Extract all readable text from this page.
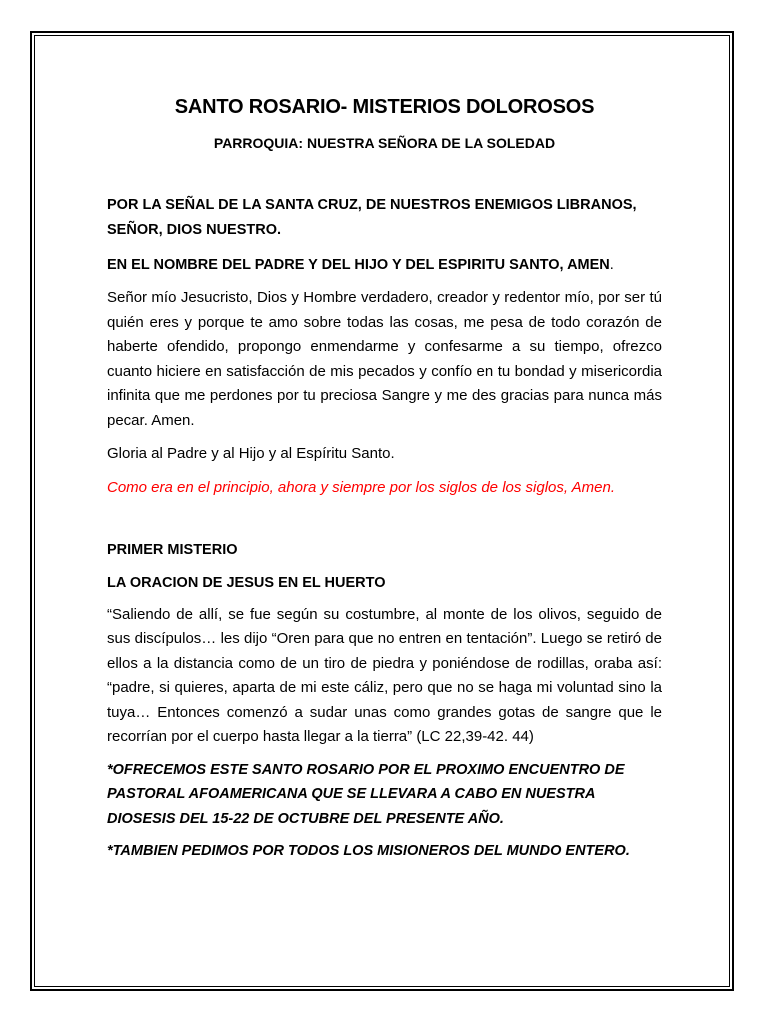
SANTO ROSARIO- MISTERIOS DOLOROSOS

PARROQUIA: NUESTRA SEÑORA DE LA SOLEDAD

POR LA SEÑAL DE LA SANTA CRUZ, DE NUESTROS ENEMIGOS LIBRANOS, SEÑOR, DIOS NUESTRO.

EN EL NOMBRE DEL PADRE Y DEL HIJO Y DEL ESPIRITU SANTO, AMEN.

Señor mío Jesucristo, Dios y Hombre verdadero, creador y redentor mío, por ser tú quién eres y porque te amo sobre todas las cosas, me pesa de todo corazón de haberte ofendido, propongo enmendarme y confesarme a su tiempo, ofrezco cuanto hiciere en satisfacción de mis pecados y confío en tu bondad y misericordia infinita que me perdones por tu preciosa Sangre y me des gracias para nunca más pecar. Amen.

Gloria al Padre y al Hijo y al Espíritu Santo.

Como era en el principio, ahora y siempre por los siglos de los siglos, Amen.

PRIMER MISTERIO

LA ORACION DE JESUS EN EL HUERTO

“Saliendo de allí, se fue según su costumbre, al monte de los olivos, seguido de sus discípulos… les dijo “Oren para que no entren en tentación”. Luego se retiró de ellos a la distancia como de un tiro de piedra y poniéndose de rodillas, oraba así: “padre, si quieres, aparta de mi este cáliz, pero que no se haga mi voluntad sino la tuya… Entonces comenzó a sudar unas como grandes gotas de sangre que le recorrían por el cuerpo hasta llegar a la tierra” (LC 22,39-42. 44)

*OFRECEMOS ESTE SANTO ROSARIO POR EL PROXIMO ENCUENTRO DE PASTORAL AFOAMERICANA QUE SE LLEVARA A CABO EN NUESTRA DIOSESIS DEL 15-22 DE OCTUBRE DEL PRESENTE AÑO.

*TAMBIEN PEDIMOS POR TODOS LOS MISIONEROS DEL MUNDO ENTERO.
